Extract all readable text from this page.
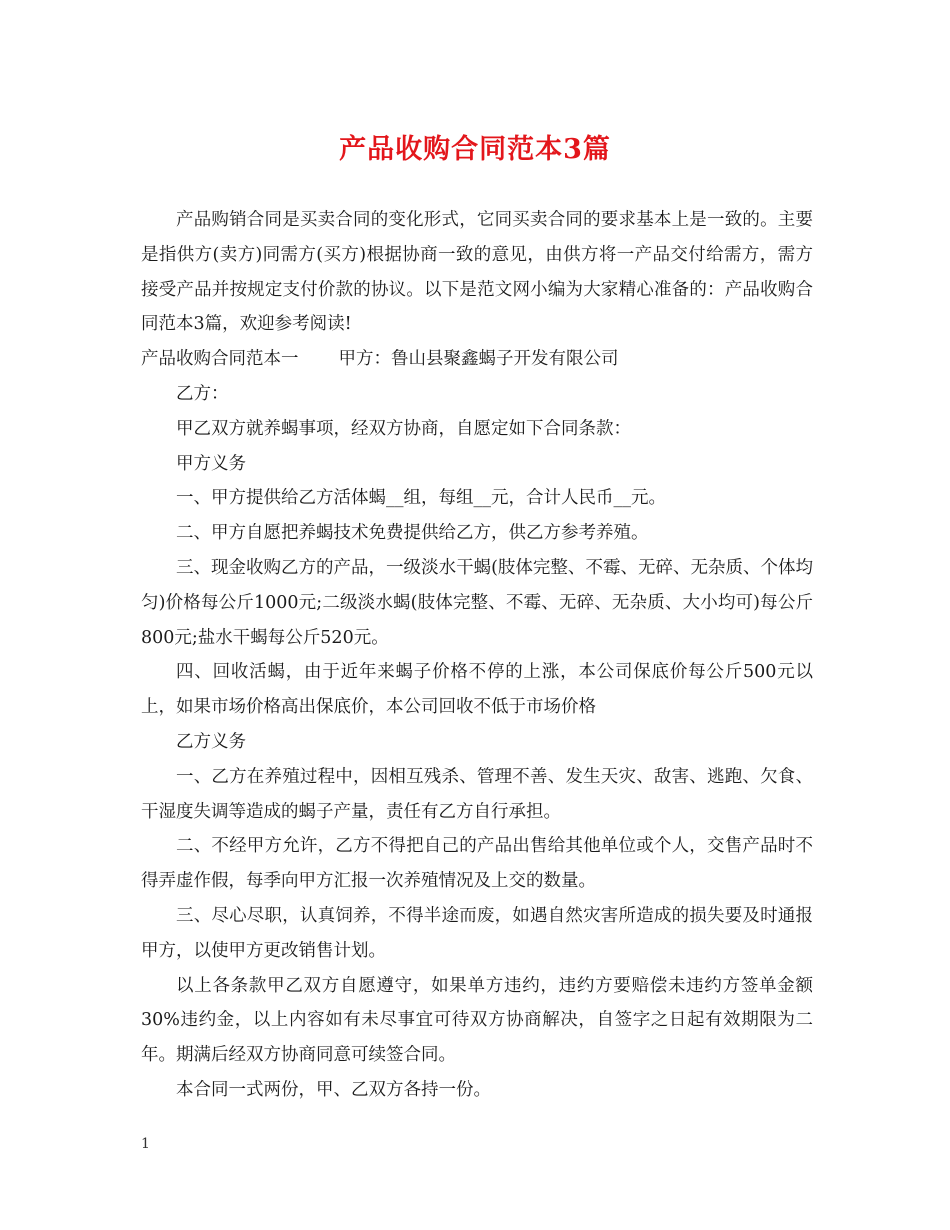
产品收购合同范本3篇

产品购销合同是买卖合同的变化形式，它同买卖合同的要求基本上是一致的。主要是指供方(卖方)同需方(买方)根据协商一致的意见，由供方将一产品交付给需方，需方接受产品并按规定支付价款的协议。以下是范文网小编为大家精心准备的：产品收购合同范本3篇，欢迎参考阅读!

产品收购合同范本一 甲方：鲁山县聚鑫蝎子开发有限公司

乙方：

甲乙双方就养蝎事项，经双方协商，自愿定如下合同条款：

甲方义务

一、甲方提供给乙方活体蝎__组，每组__元，合计人民币__元。

二、甲方自愿把养蝎技术免费提供给乙方，供乙方参考养殖。

三、现金收购乙方的产品，一级淡水干蝎(肢体完整、不霉、无碎、无杂质、个体均匀)价格每公斤1000元;二级淡水蝎(肢体完整、不霉、无碎、无杂质、大小均可)每公斤800元;盐水干蝎每公斤520元。

四、回收活蝎，由于近年来蝎子价格不停的上涨，本公司保底价每公斤500元以上，如果市场价格高出保底价，本公司回收不低于市场价格

乙方义务

一、乙方在养殖过程中，因相互残杀、管理不善、发生天灾、敌害、逃跑、欠食、干湿度失调等造成的蝎子产量，责任有乙方自行承担。

二、不经甲方允许，乙方不得把自己的产品出售给其他单位或个人，交售产品时不得弄虚作假，每季向甲方汇报一次养殖情况及上交的数量。

三、尽心尽职，认真饲养，不得半途而废，如遇自然灾害所造成的损失要及时通报甲方，以使甲方更改销售计划。

以上各条款甲乙双方自愿遵守，如果单方违约，违约方要赔偿未违约方签单金额30%违约金，以上内容如有未尽事宜可待双方协商解决，自签字之日起有效期限为二年。期满后经双方协商同意可续签合同。

本合同一式两份，甲、乙双方各持一份。

1
